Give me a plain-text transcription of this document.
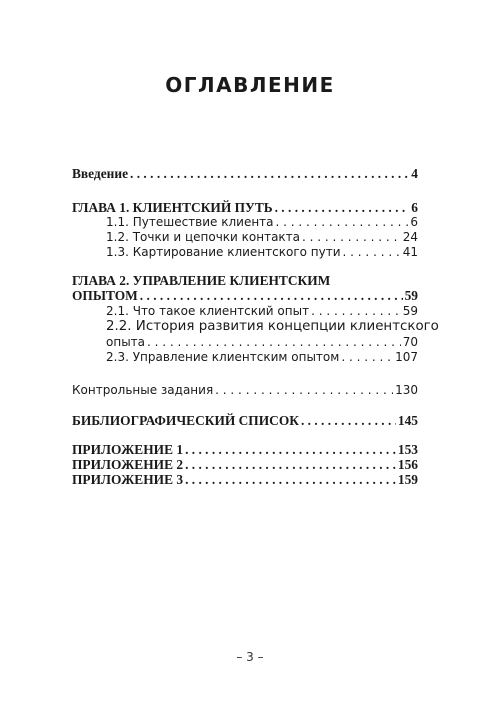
ОГЛАВЛЕНИЕ
Введение . . .	4
ГЛАВА 1. КЛИЕНТСКИЙ ПУТЬ . . .	6
1.1. Путешествие клиента . . .	6
1.2. Точки и цепочки контакта . . .	24
1.3. Картирование клиентского пути . . .	41
ГЛАВА 2. УПРАВЛЕНИЕ КЛИЕНТСКИМ
ОПЫТОМ . . .	59
2.1. Что такое клиентский опыт . . .	59
2.2. История развития концепции клиентского
опыта . . .	70
2.3. Управление клиентским опытом . . .	107
Контрольные задания . . .	130
БИБЛИОГРАФИЧЕСКИЙ СПИСОК . . .	145
ПРИЛОЖЕНИЕ 1 . . .	153
ПРИЛОЖЕНИЕ 2 . . .	156
ПРИЛОЖЕНИЕ 3 . . .	159
– 3 –
